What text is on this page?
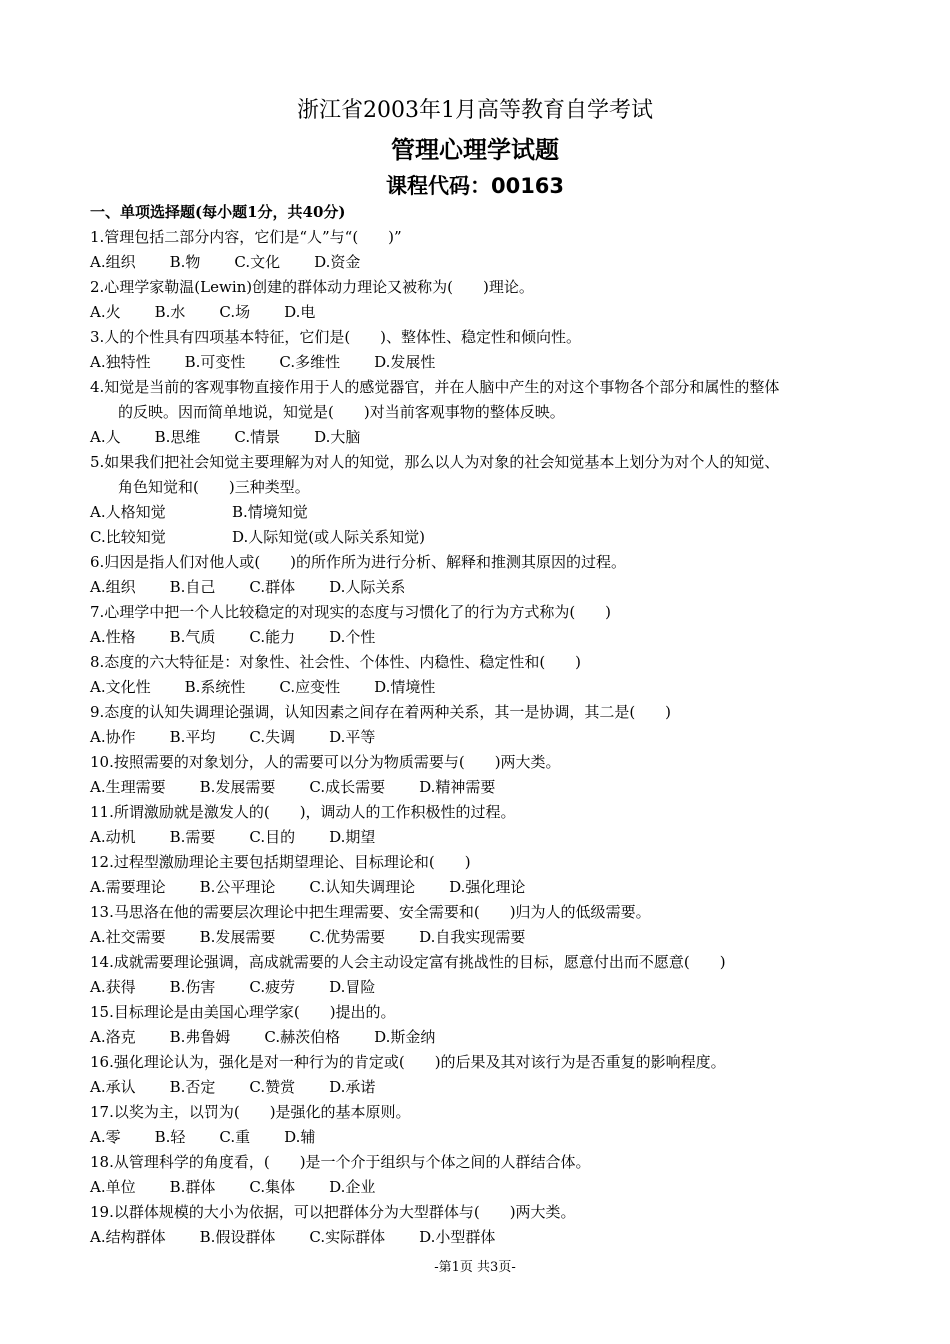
浙江省2003年1月高等教育自学考试
管理心理学试题
课程代码：00163
一、单项选择题(每小题1分，共40分)
1.管理包括二部分内容，它们是“人”与“(　　)”
A.组织 B.物 C.文化 D.资金
2.心理学家勒温(Lewin)创建的群体动力理论又被称为(　　)理论。
A.火 B.水 C.场 D.电
3.人的个性具有四项基本特征，它们是(　　)、整体性、稳定性和倾向性。
A.独特性 B.可变性 C.多维性 D.发展性
4.知觉是当前的客观事物直接作用于人的感觉器官，并在人脑中产生的对这个事物各个部分和属性的整体
的反映。因而简单地说，知觉是(　　)对当前客观事物的整体反映。
A.人 B.思维 C.情景 D.大脑
5.如果我们把社会知觉主要理解为对人的知觉，那么以人为对象的社会知觉基本上划分为对个人的知觉、
角色知觉和(　　)三种类型。
A.人格知觉	B.情境知觉
C.比较知觉	D.人际知觉(或人际关系知觉)
6.归因是指人们对他人或(　　)的所作所为进行分析、解释和推测其原因的过程。
A.组织 B.自己 C.群体 D.人际关系
7.心理学中把一个人比较稳定的对现实的态度与习惯化了的行为方式称为(　　)
A.性格 B.气质 C.能力 D.个性
8.态度的六大特征是：对象性、社会性、个体性、内稳性、稳定性和(　　)
A.文化性 B.系统性 C.应变性 D.情境性
9.态度的认知失调理论强调，认知因素之间存在着两种关系，其一是协调，其二是(　　)
A.协作 B.平均 C.失调 D.平等
10.按照需要的对象划分，人的需要可以分为物质需要与(　　)两大类。
A.生理需要 B.发展需要 C.成长需要 D.精神需要
11.所谓激励就是激发人的(　　)，调动人的工作积极性的过程。
A.动机 B.需要 C.目的 D.期望
12.过程型激励理论主要包括期望理论、目标理论和(　　)
A.需要理论 B.公平理论 C.认知失调理论 D.强化理论
13.马思洛在他的需要层次理论中把生理需要、安全需要和(　　)归为人的低级需要。
A.社交需要 B.发展需要 C.优势需要 D.自我实现需要
14.成就需要理论强调，高成就需要的人会主动设定富有挑战性的目标，愿意付出而不愿意(　　)
A.获得 B.伤害 C.疲劳 D.冒险
15.目标理论是由美国心理学家(　　)提出的。
A.洛克 B.弗鲁姆 C.赫茨伯格 D.斯金纳
16.强化理论认为，强化是对一种行为的肯定或(　　)的后果及其对该行为是否重复的影响程度。
A.承认 B.否定 C.赞赏 D.承诺
17.以奖为主，以罚为(　　)是强化的基本原则。
A.零 B.轻 C.重 D.辅
18.从管理科学的角度看，(　　)是一个介于组织与个体之间的人群结合体。
A.单位 B.群体 C.集体 D.企业
19.以群体规模的大小为依据，可以把群体分为大型群体与(　　)两大类。
A.结构群体 B.假设群体 C.实际群体 D.小型群体
-第1页 共3页-
